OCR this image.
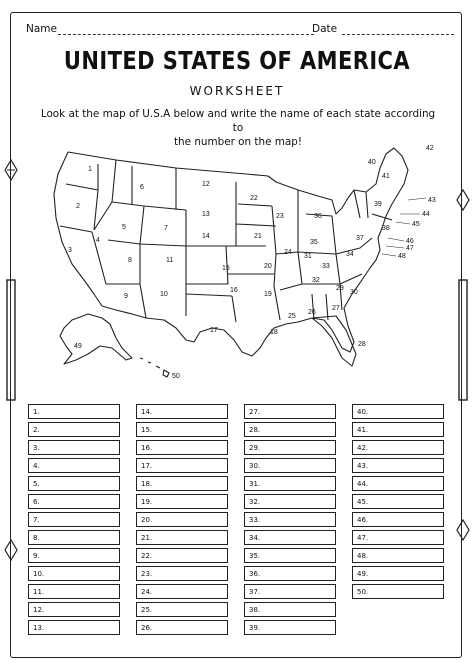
Name	Date
UNITED STATES OF AMERICA
WORKSHEET
Look at the map of U.S.A below and write the name of each state according to
the number on the map!
1
2
3
4
5
6
7
8
9	10
11
12
13
14
15
16
17	18
19
20
21
22
23
24
25
26
27
28
29
30
31
32
33
34
35
36
37
38
39
40
41
42
43
44
45
46
47
48
49
50
1.
2.
3.
4.
5.
6.
7.
8.
9.
10.
11.
12.
13.
14.
15.
16.
17.
18.
19.
20.
21.
22.
23.
24.
25.
26.
27.
28.
29.
30.
31.
32.
33.
34.
35.
36.
37.
38.
39.
40.
41.
42.
43.
44.
45.
46.
47.
48.
49.
50.
